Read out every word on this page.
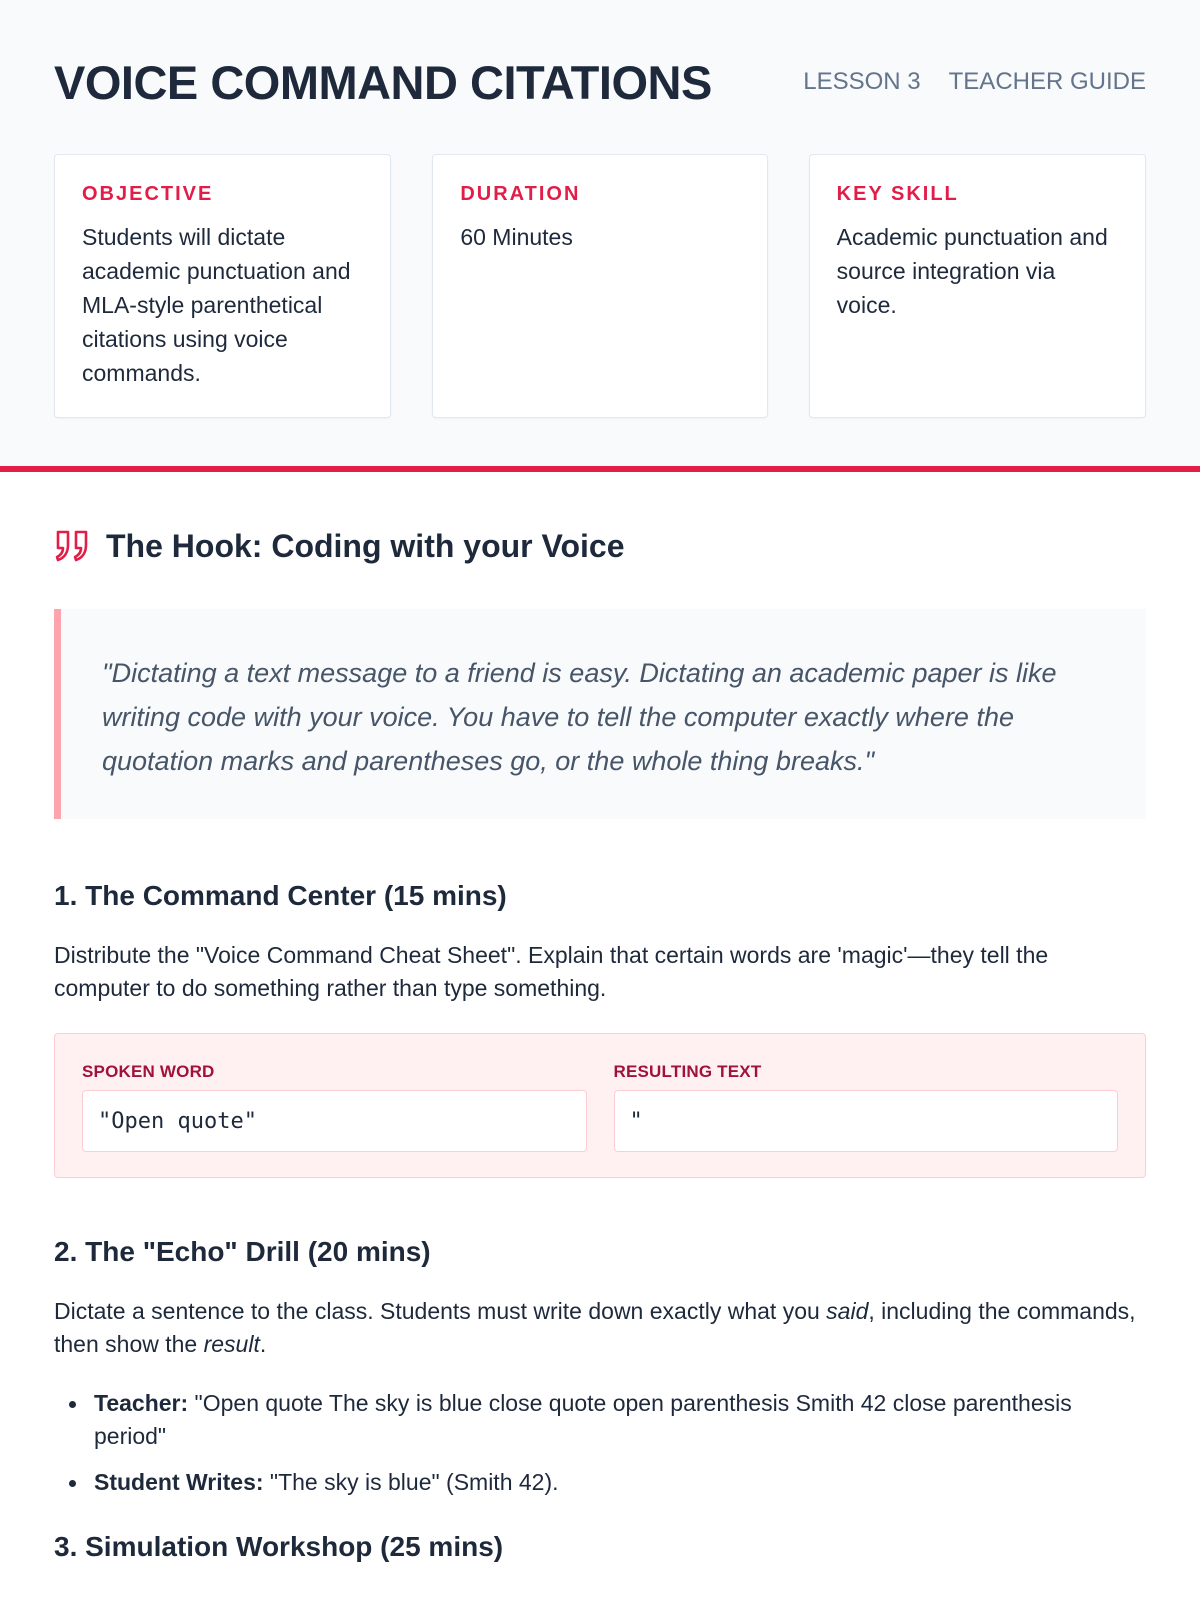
VOICE COMMAND CITATIONS	LESSON 3 TEACHER GUIDE
OBJECTIVE
Students will dictate academic punctuation and MLA-style parenthetical citations using voice commands.
DURATION
60 Minutes
KEY SKILL
Academic punctuation and source integration via voice.
The Hook: Coding with your Voice

"Dictating a text message to a friend is easy. Dictating an academic paper is like writing code with your voice. You have to tell the computer exactly where the quotation marks and parentheses go, or the whole thing breaks."

1. The Command Center (15 mins)

Distribute the "Voice Command Cheat Sheet". Explain that certain words are 'magic'—they tell the computer to do something rather than type something.

SPOKEN WORD
"Open quote"
RESULTING TEXT
"
2. The "Echo" Drill (20 mins)

Dictate a sentence to the class. Students must write down exactly what you said, including the commands, then show the result.

Teacher: "Open quote The sky is blue close quote open parenthesis Smith 42 close parenthesis period"
Student Writes: "The sky is blue" (Smith 42).
3. Simulation Workshop (25 mins)
